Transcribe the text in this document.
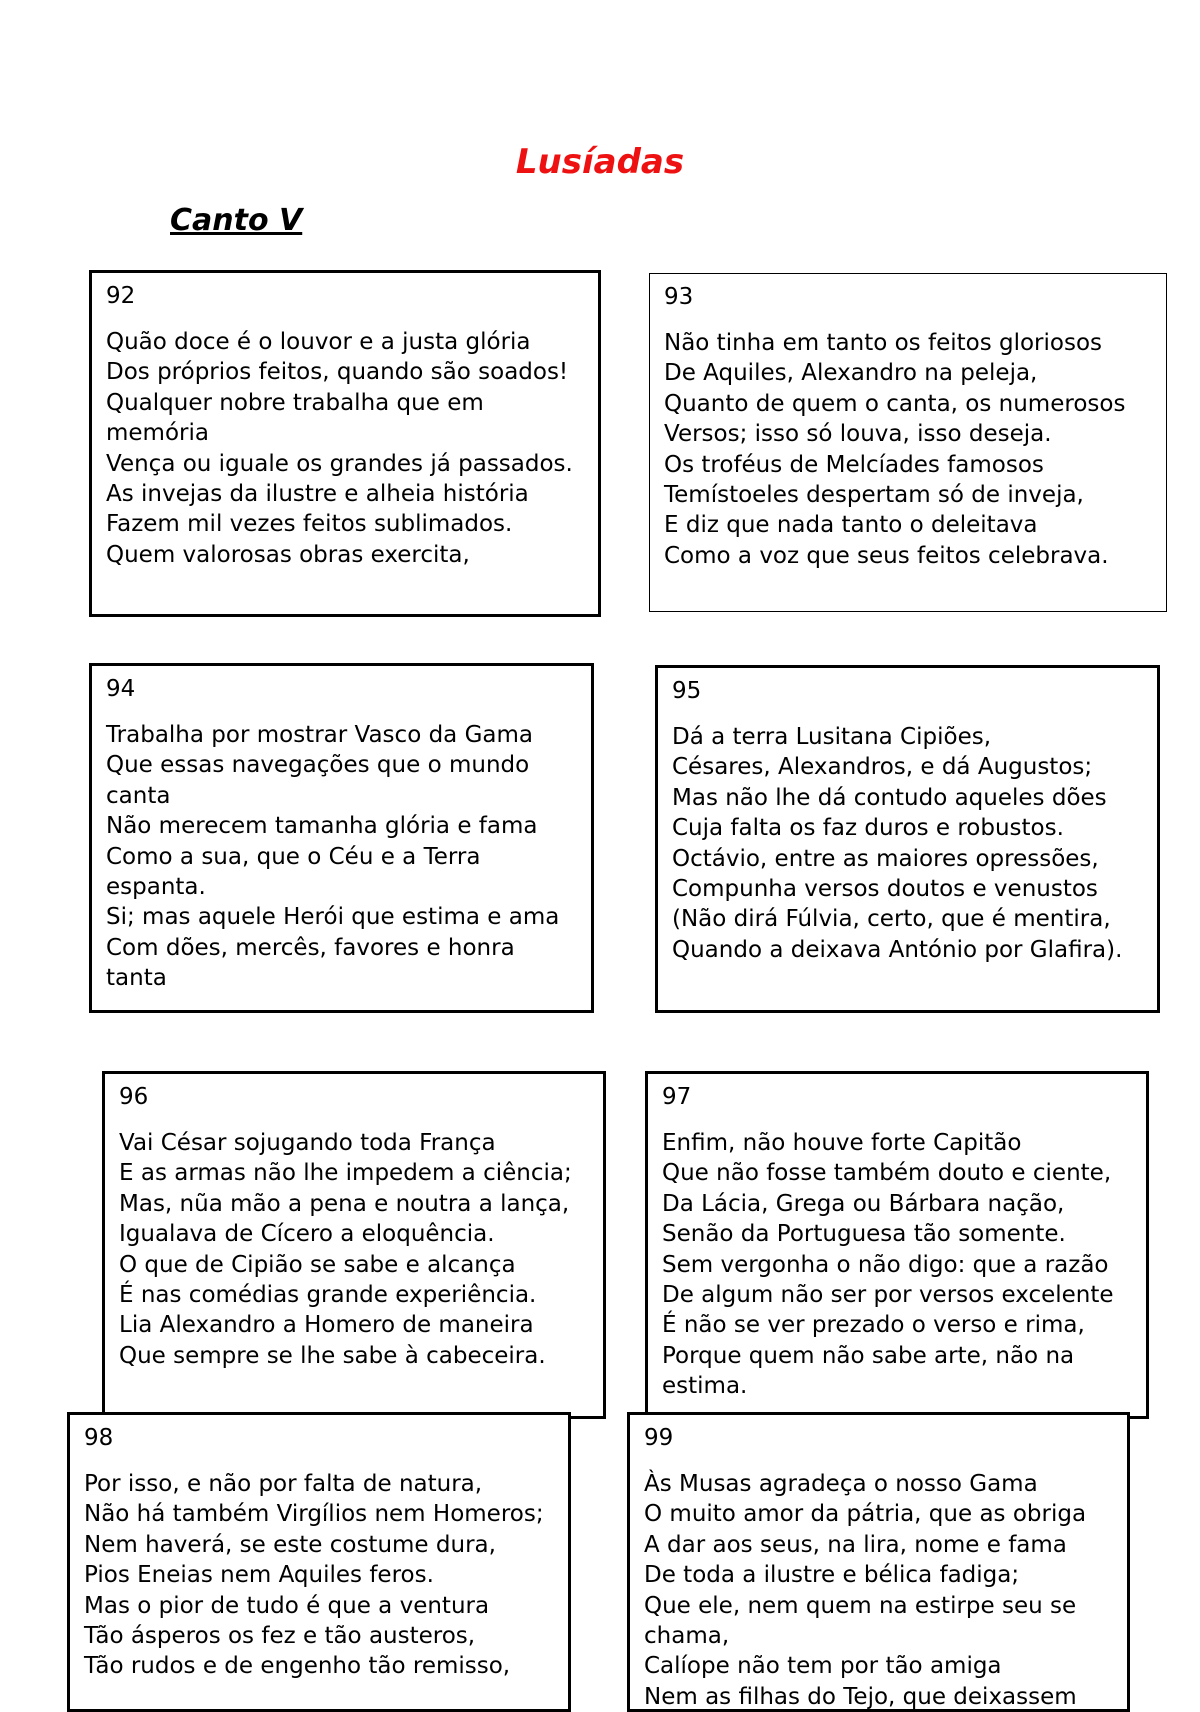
Lusíadas
Canto V

92

Quão doce é o louvor e a justa glória

Dos próprios feitos, quando são soados!

Qualquer nobre trabalha que em memória

Vença ou iguale os grandes já passados.

As invejas da ilustre e alheia história

Fazem mil vezes feitos sublimados.

Quem valorosas obras exercita,

93

Não tinha em tanto os feitos gloriosos

De Aquiles, Alexandro na peleja,

Quanto de quem o canta, os numerosos

Versos; isso só louva, isso deseja.

Os troféus de Melcíades famosos

Temístoeles despertam só de inveja,

E diz que nada tanto o deleitava

Como a voz que seus feitos celebrava.

94

Trabalha por mostrar Vasco da Gama

Que essas navegações que o mundo canta

Não merecem tamanha glória e fama

Como a sua, que o Céu e a Terra espanta.

Si; mas aquele Herói que estima e ama

Com dões, mercês, favores e honra tanta

95

Dá a terra Lusitana Cipiões,

Césares, Alexandros, e dá Augustos;

Mas não lhe dá contudo aqueles dões

Cuja falta os faz duros e robustos.

Octávio, entre as maiores opressões,

Compunha versos doutos e venustos

(Não dirá Fúlvia, certo, que é mentira,

Quando a deixava António por Glafira).

96

Vai César sojugando toda França

E as armas não lhe impedem a ciência;

Mas, nũa mão a pena e noutra a lança,

Igualava de Cícero a eloquência.

O que de Cipião se sabe e alcança

É nas comédias grande experiência.

Lia Alexandro a Homero de maneira

Que sempre se lhe sabe à cabeceira.

97

Enfim, não houve forte Capitão

Que não fosse também douto e ciente,

Da Lácia, Grega ou Bárbara nação,

Senão da Portuguesa tão somente.

Sem vergonha o não digo: que a razão

De algum não ser por versos excelente

É não se ver prezado o verso e rima,

Porque quem não sabe arte, não na estima.

98

Por isso, e não por falta de natura,

Não há também Virgílios nem Homeros;

Nem haverá, se este costume dura,

Pios Eneias nem Aquiles feros.

Mas o pior de tudo é que a ventura

Tão ásperos os fez e tão austeros,

Tão rudos e de engenho tão remisso,

99

Às Musas agradeça o nosso Gama

O muito amor da pátria, que as obriga

A dar aos seus, na lira, nome e fama

De toda a ilustre e bélica fadiga;

Que ele, nem quem na estirpe seu se chama,

Calíope não tem por tão amiga

Nem as filhas do Tejo, que deixassem
